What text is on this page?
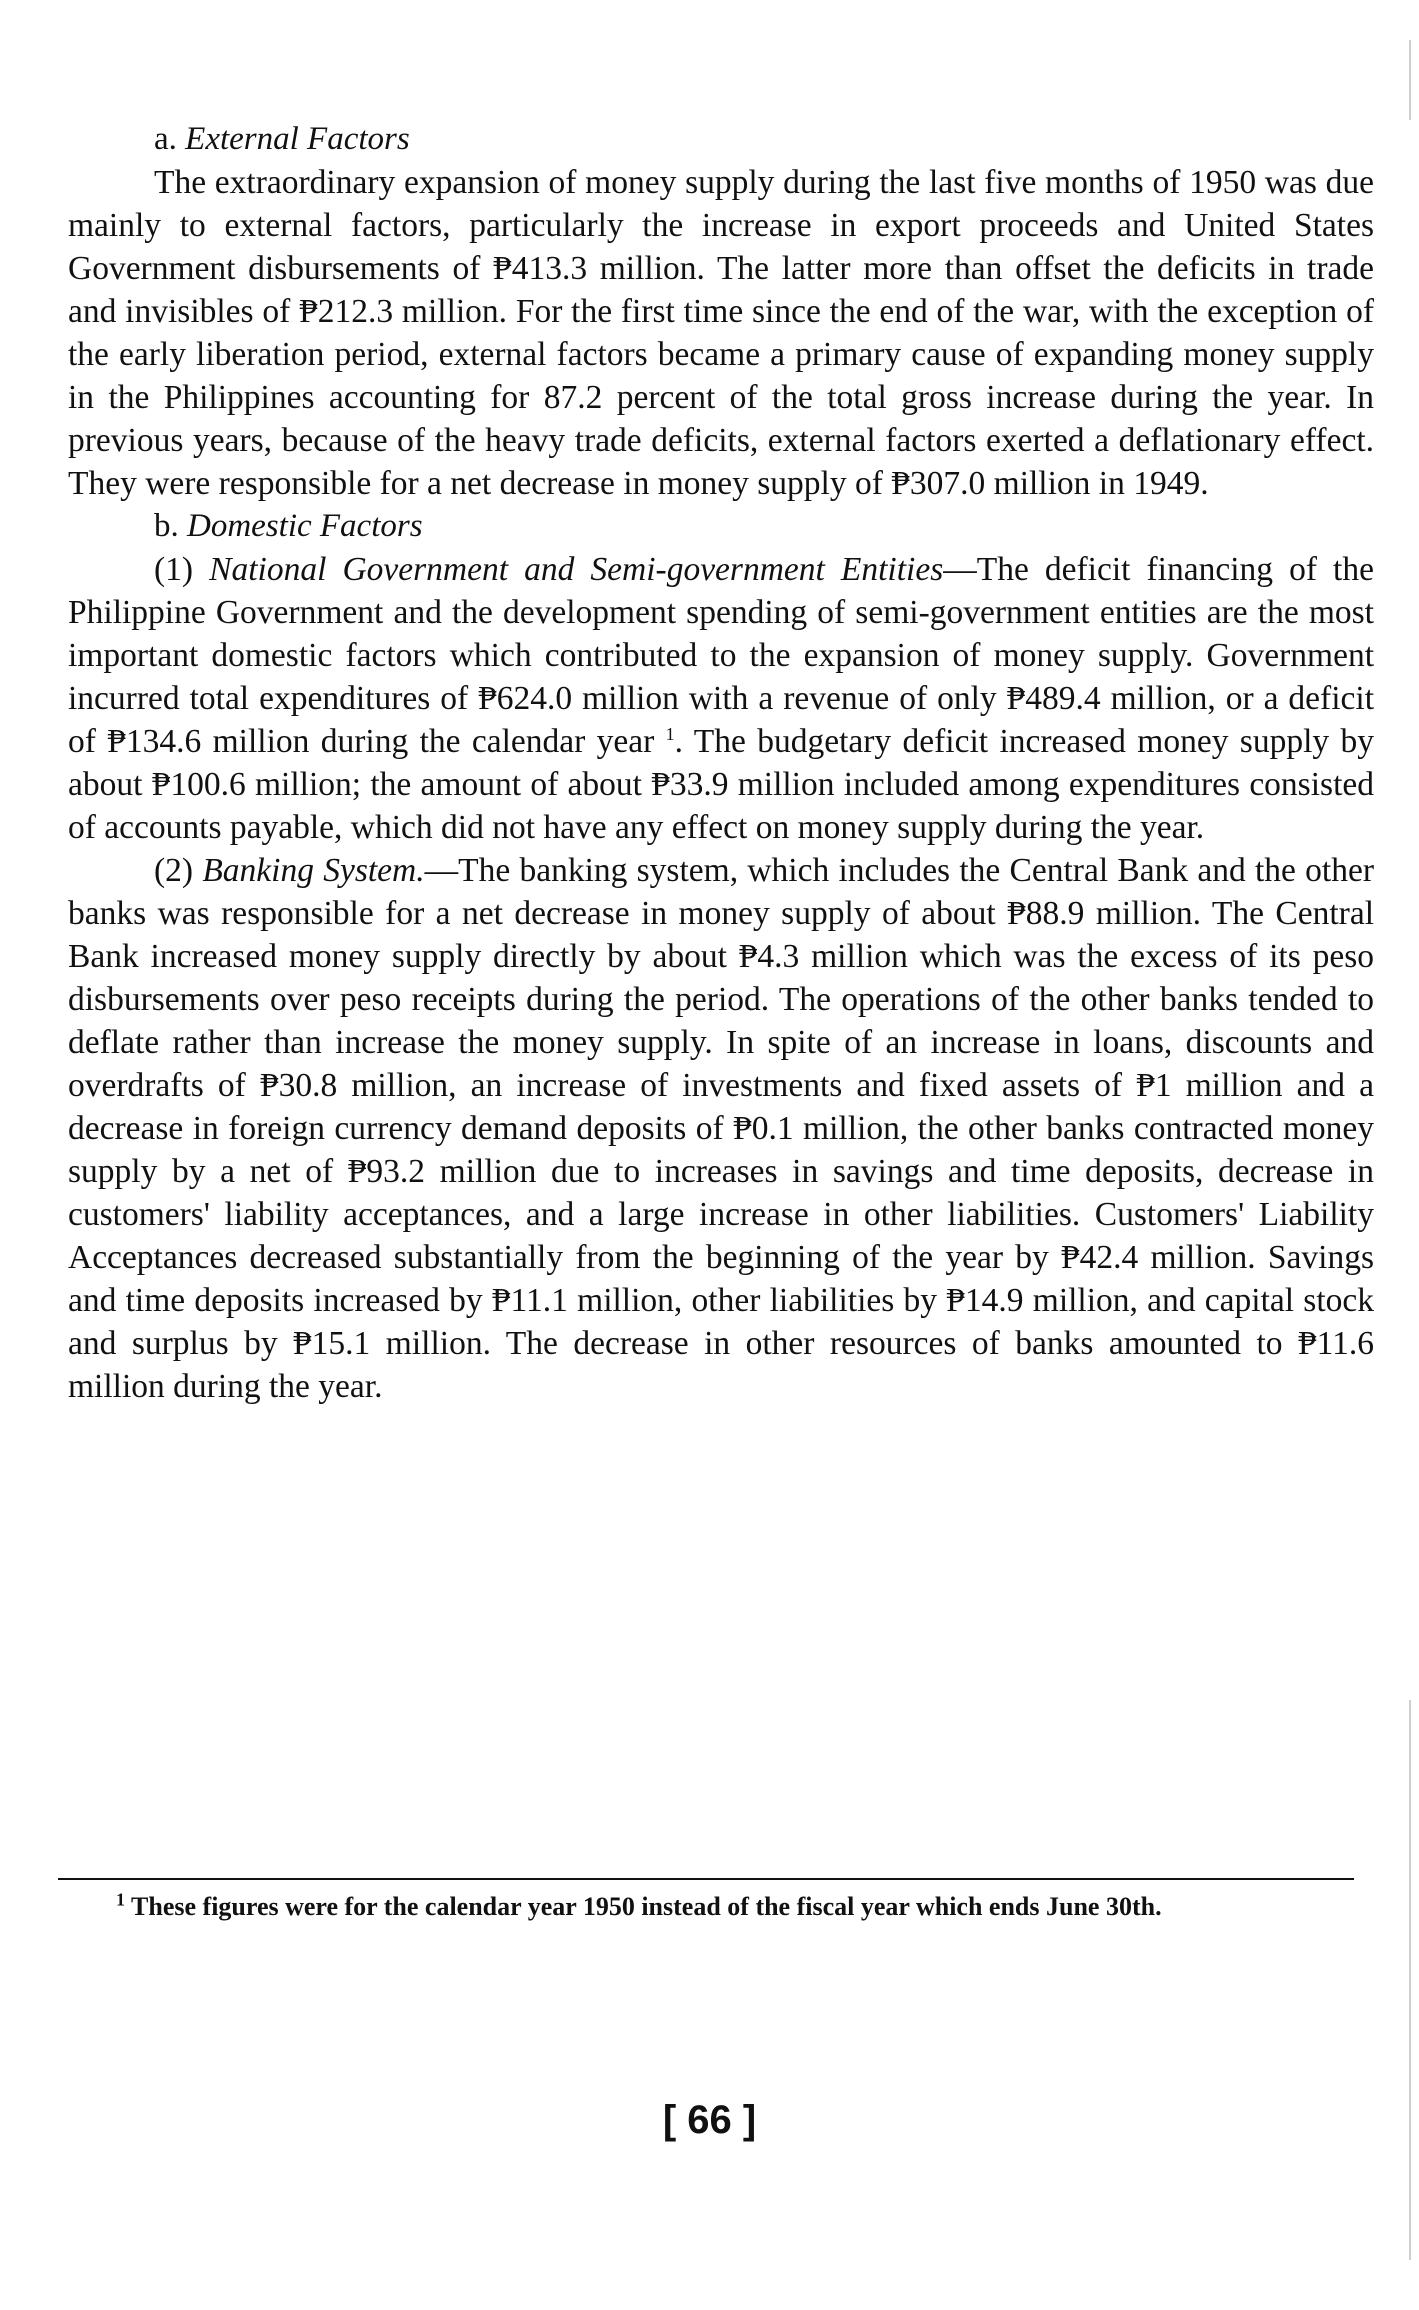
a. External Factors

The extraordinary expansion of money supply during the last five months of 1950 was due mainly to external factors, particularly the increase in export proceeds and United States Government disbursements of ₱413.3 million. The latter more than offset the deficits in trade and invisibles of ₱212.3 million. For the first time since the end of the war, with the exception of the early liberation period, external factors became a primary cause of expanding money supply in the Philippines accounting for 87.2 percent of the total gross increase during the year. In previous years, because of the heavy trade deficits, external factors exerted a deflationary effect. They were responsible for a net decrease in money supply of ₱307.0 million in 1949.

b. Domestic Factors

(1) National Government and Semi-government Entities—The deficit financing of the Philippine Government and the development spending of semi-government entities are the most important domestic factors which contributed to the expansion of money supply. Government incurred total expenditures of ₱624.0 million with a revenue of only ₱489.4 million, or a deficit of ₱134.6 million during the calendar year $^1$. The budgetary deficit increased money supply by about ₱100.6 million; the amount of about ₱33.9 million included among expenditures consisted of accounts payable, which did not have any effect on money supply during the year.

(2) Banking System.—The banking system, which includes the Central Bank and the other banks was responsible for a net decrease in money supply of about ₱88.9 million. The Central Bank increased money supply directly by about ₱4.3 million which was the excess of its peso disbursements over peso receipts during the period. The operations of the other banks tended to deflate rather than increase the money supply. In spite of an increase in loans, discounts and overdrafts of ₱30.8 million, an increase of investments and fixed assets of ₱1 million and a decrease in foreign currency demand deposits of ₱0.1 million, the other banks contracted money supply by a net of ₱93.2 million due to increases in savings and time deposits, decrease in customers' liability acceptances, and a large increase in other liabilities. Customers' Liability Acceptances decreased substantially from the beginning of the year by ₱42.4 million. Savings and time deposits increased by ₱11.1 million, other liabilities by ₱14.9 million, and capital stock and surplus by ₱15.1 million. The decrease in other resources of banks amounted to ₱11.6 million during the year.

$^1$ These figures were for the calendar year 1950 instead of the fiscal year which ends June 30th.

[ 66 ]
